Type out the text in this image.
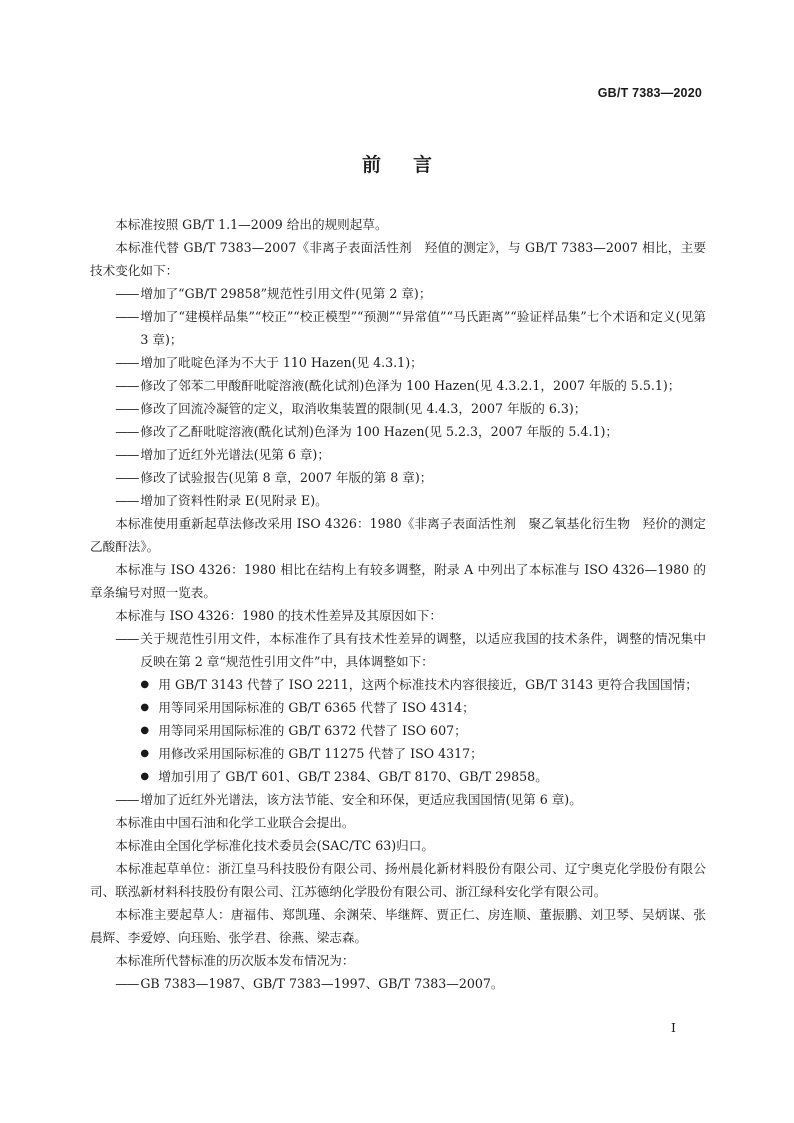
GB/T 7383—2020
前言

本标准按照 GB/T 1.1—2009 给出的规则起草。

本标准代替 GB/T 7383—2007《非离子表面活性剂　羟值的测定》，与 GB/T 7383—2007 相比，主要技术变化如下：

—— 增加了“GB/T 29858”规范性引用文件(见第 2 章)；
—— 增加了“建模样品集”“校正”“校正模型”“预测”“异常值”“马氏距离”“验证样品集”七个术语和定义(见第 3 章)；
—— 增加了吡啶色泽为不大于 110 Hazen(见 4.3.1)；
—— 修改了邻苯二甲酸酐吡啶溶液(酰化试剂)色泽为 100 Hazen(见 4.3.2.1，2007 年版的 5.5.1)；
—— 修改了回流冷凝管的定义，取消收集装置的限制(见 4.4.3，2007 年版的 6.3)；
—— 修改了乙酐吡啶溶液(酰化试剂)色泽为 100 Hazen(见 5.2.3，2007 年版的 5.4.1)；
—— 增加了近红外光谱法(见第 6 章)；
—— 修改了试验报告(见第 8 章，2007 年版的第 8 章)；
—— 增加了资料性附录 E(见附录 E)。

本标准使用重新起草法修改采用 ISO 4326：1980《非离子表面活性剂　聚乙氧基化衍生物　羟价的测定　乙酸酐法》。

本标准与 ISO 4326：1980 相比在结构上有较多调整，附录 A 中列出了本标准与 ISO 4326—1980 的章条编号对照一览表。

本标准与 ISO 4326：1980 的技术性差异及其原因如下：

—— 关于规范性引用文件，本标准作了具有技术性差异的调整，以适应我国的技术条件，调整的情况集中反映在第 2 章“规范性引用文件”中，具体调整如下：
● 用 GB/T 3143 代替了 ISO 2211，这两个标准技术内容很接近，GB/T 3143 更符合我国国情；
● 用等同采用国际标准的 GB/T 6365 代替了 ISO 4314；
● 用等同采用国际标准的 GB/T 6372 代替了 ISO 607；
● 用修改采用国际标准的 GB/T 11275 代替了 ISO 4317；
● 增加引用了 GB/T 601、GB/T 2384、GB/T 8170、GB/T 29858。
—— 增加了近红外光谱法，该方法节能、安全和环保，更适应我国国情(见第 6 章)。

本标准由中国石油和化学工业联合会提出。

本标准由全国化学标准化技术委员会(SAC/TC 63)归口。

本标准起草单位：浙江皇马科技股份有限公司、扬州晨化新材料股份有限公司、辽宁奥克化学股份有限公司、联泓新材料科技股份有限公司、江苏德纳化学股份有限公司、浙江绿科安化学有限公司。

本标准主要起草人：唐福伟、郑凯瑾、余渊荣、毕继辉、贾正仁、房连顺、董振鹏、刘卫琴、吴炳谋、张晨辉、李爱婷、向珏贻、张学君、徐燕、梁志森。

本标准所代替标准的历次版本发布情况为：

—— GB 7383—1987、GB/T 7383—1997、GB/T 7383—2007。
I
